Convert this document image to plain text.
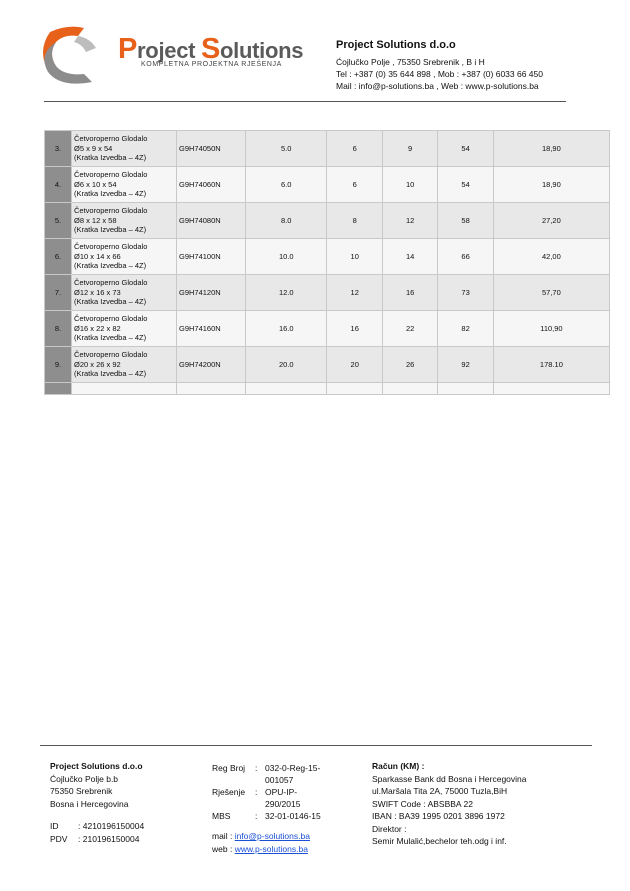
Project Solutions
KOMPLETNA PROJEKTNA RJEŠENJA
Project Solutions d.o.o
Ćojlučko Polje , 75350 Srebrenik , B i H
Tel : +387 (0) 35 644 898 , Mob : +387 (0) 6033 66 450
Mail : info@p-solutions.ba , Web : www.p-solutions.ba
3.	Četvoroperno Glodalo
Ø5 x 9 x 54
(Kratka Izvedba – 4Z)	G9H74050N	5.0	6	9	54	18,90
4.	Četvoroperno Glodalo
Ø6 x 10 x 54
(Kratka Izvedba – 4Z)	G9H74060N	6.0	6	10	54	18,90
5.	Četvoroperno Glodalo
Ø8 x 12 x 58
(Kratka Izvedba – 4Z)	G9H74080N	8.0	8	12	58	27,20
6.	Četvoroperno Glodalo
Ø10 x 14 x 66
(Kratka Izvedba – 4Z)	G9H74100N	10.0	10	14	66	42,00
7.	Četvoroperno Glodalo
Ø12 x 16 x 73
(Kratka Izvedba – 4Z)	G9H74120N	12.0	12	16	73	57,70
8.	Četvoroperno Glodalo
Ø16 x 22 x 82
(Kratka Izvedba – 4Z)	G9H74160N	16.0	16	22	82	110,90
9.	Četvoroperno Glodalo
Ø20 x 26 x 92
(Kratka Izvedba – 4Z)	G9H74200N	20.0	20	26	92	178.10

Project Solutions d.o.o
Ćojlučko Polje b.b
75350 Srebrenik
Bosna i Hercegovina
ID : 4210196150004
PDV : 210196150004
Reg Broj	:	032-0-Reg-15-001057
Rješenje	:	OPU-IP-290/2015
MBS	:	32-01-0146-15
mail : info@p-solutions.ba
web : www.p-solutions.ba
Račun (KM) :
Sparkasse Bank dd Bosna i Hercegovina
ul.Maršala Tita 2A, 75000 Tuzla,BiH
SWIFT Code : ABSBBA 22
IBAN : BA39 1995 0201 3896 1972
Direktor :
Semir Mulalić,bechelor teh.odg i inf.
